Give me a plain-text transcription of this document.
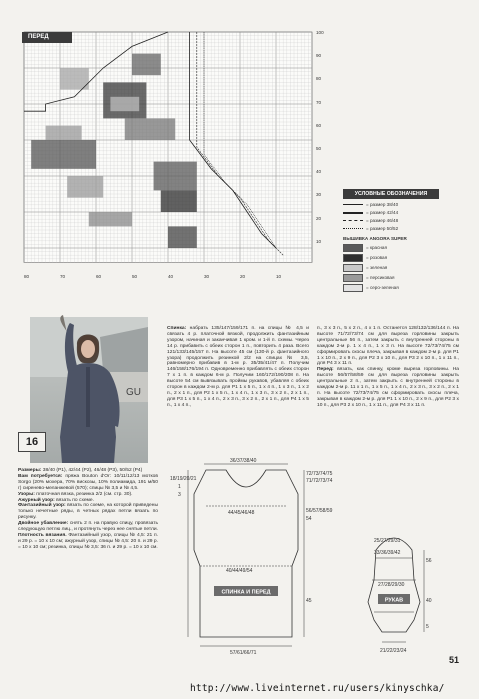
ПЕРЕД
100
90
80
70
60
50
40
30
20
10
80	70	60	50	40	30	20	10
УСЛОВНЫЕ ОБОЗНАЧЕНИЯ
= размер 38/40
= размер 42/44
= размер 46/48
= размер 50/52
ВЫШИВКА ANGORA SUPER
= красная
= розовая
= зеленая
= персиковая
= серо-зеленая
GU
16
Размеры: 38/40 (P1), 42/44 (P2), 46/48 (P3), 50/52 (P4)
Вам потребуется: пряжа Bouton d'Or: 10/11/12/13 мотков Sorgo (20% мохера, 70% вискозы, 10% полиамида, 191 м/50 г) сиренево-меланжевой (570); спицы № 3,5 и № 4,5.
Узоры: платочная вязка, резинка 2/2 (см. стр. 30).
Ажурный узор: вязать по схеме.
Фантазийный узор: вязать по схеме, на которой приведены только нечетные ряды, в четных рядах петли вязать по рисунку.
Двойное убавление: снять 2 п. на правую спицу, провязать следующую петлю лиц., и протянуть через нее снятые петли.
Плотность вязания. Фантазийный узор, спицы № 4,5: 21 п. и 29 р. = 10 х 10 см; ажурный узор, спицы № 4,5: 20 п. и 29 р. = 10 х 10 см; резинка, спицы № 3,5: 36 п. и 29 р. = 10 х 10 см.
Спинка: набрать 135/147/159/171 п. на спицы № 4,5 и связать 4 р. платочной вязкой, продолжить фантазийным узором, начиная и заканчивая 1 кром. и 1-й п. схемы. Через 14 р. прибавить с обеих сторон 1 п., повторить 4 раза. Всего 121/133/145/157 п. На высоте 45 см (130-й р. фантазийного узора) продолжить резинкой 2/2 на спицах № 3,5, равномерно прибавив в 1-м р. 35/35/41/47 п. Получим 146/158/176/194 п. Одновременно прибавлять с обеих сторон 7 х 1 п. в каждом 6-м р. Получим 160/172/190/208 п. На высоте 54 см вывязывать проймы рукавов, убавляя с обеих сторон в каждом 2-м р. для Р1 1 х 5 п., 1 х 4 п., 1 х 3 п., 1 х 2 п., 2 х 1 п., для Р2 1 х 5 п., 1 х 4 п., 1 х 3 п., 3 х 2 п., 2 х 1 п., для Р3 1 х 5 п., 1 х 4 п., 2 х 3 п., 3 х 2 п., 2 х 1 п., для Р4 1 х 5 п., 1 х 4 п.,
п., 3 х 3 п., 5 х 2 п., 4 х 1 п. Останется 128/132/136/144 п. На высоте 71/72/73/74 см для выреза горловины закрыть центральные 56 п., затем закрыть с внутренней стороны в каждом 2-м р. 1 х 4 п., 1 х 3 п. На высоте 72/73/74/75 см сформировать скосы плеча, закрывая в каждом 2-м р. для Р1 1 х 10 п., 2 х 9 п., для Р2 3 х 10 п., для Р3 2 х 10 п., 1 х 11 п., для Р4 3 х 11 п.
Перед: вязать, как спинку, кроме выреза горловины. На высоте 56/57/58/59 см для выреза горловины закрыть центральные 2 п., затем закрыть с внутренней стороны в каждом 2-м р. 11 х 1 п., 1 х 5 п., 1 х 4 п., 2 х 3 п., 3 х 2 п., 2 х 1 п. На высоте 72/73/74/75 см сформировать скосы плеча, закрывая в каждом 2-м р. для Р1 1 х 10 п., 2 х 9 п., для Р2 3 х 10 п., для Р3 2 х 10 п., 1 х 11 п., для Р4 3 х 11 п.
36/37/38/40
18/19/20/21
1
3
72/73/74/75
71/72/73/74
44/45/46/48
40/44/49/54
56/57/58/59
54
45
57/61/66/71
25/27/29/31
33/36/39/42
27/28/29/30
21/22/23/24
56
40
5
СПИНКА И ПЕРЕД
РУКАВ
51
http://www.liveinternet.ru/users/kinyschka/
